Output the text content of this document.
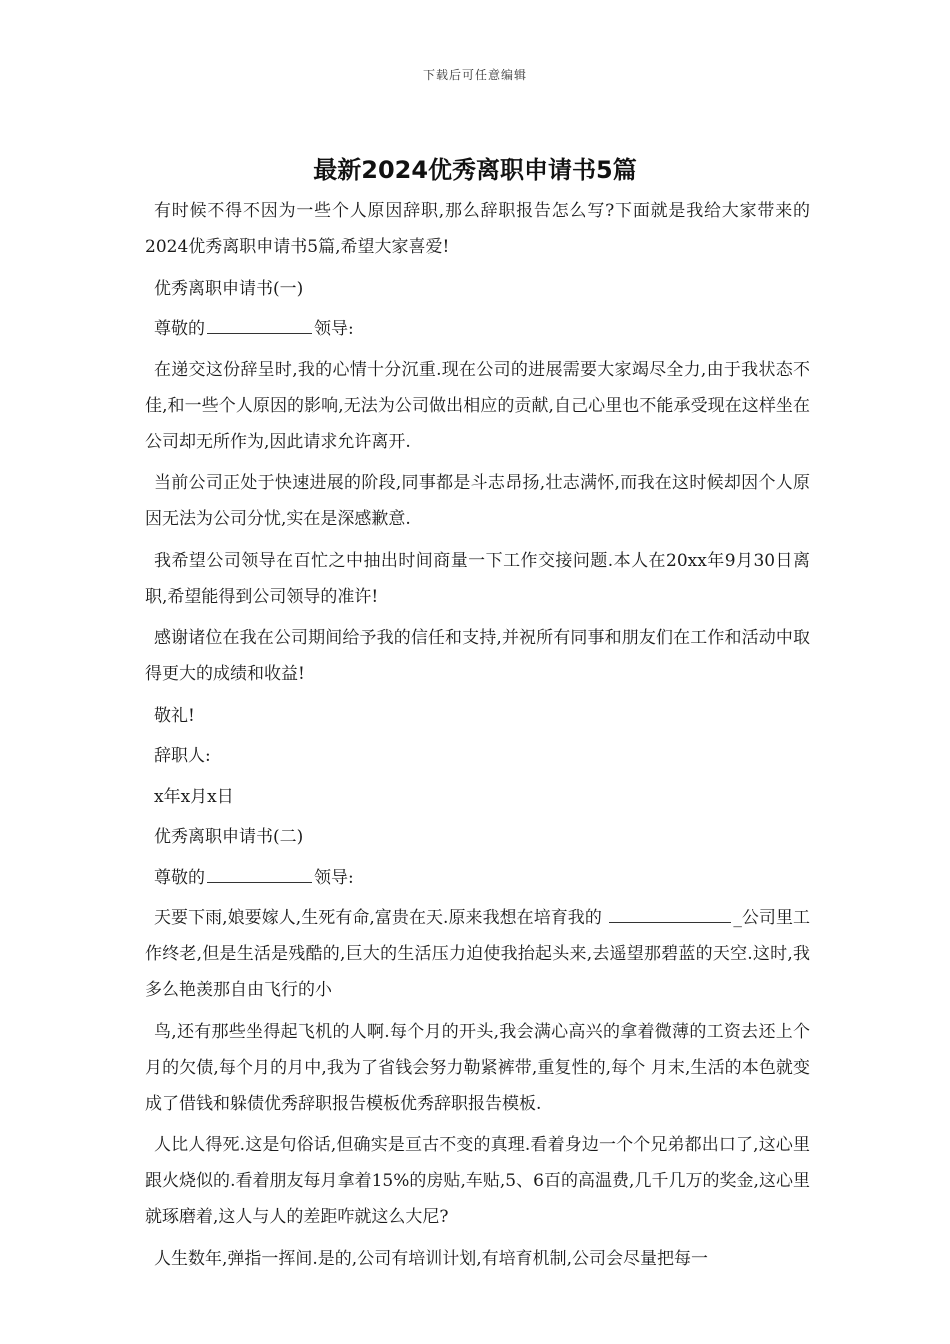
下载后可任意编辑
最新2024优秀离职申请书5篇

有时候不得不因为一些个人原因辞职,那么辞职报告怎么写?下面就是我给大家带来的2024优秀离职申请书5篇,希望大家喜爱!

优秀离职申请书(一)

尊敬的	领导:

在递交这份辞呈时,我的心情十分沉重.现在公司的进展需要大家竭尽全力,由于我状态不佳,和一些个人原因的影响,无法为公司做出相应的贡献,自己心里也不能承受现在这样坐在公司却无所作为,因此请求允许离开.

当前公司正处于快速进展的阶段,同事都是斗志昂扬,壮志满怀,而我在这时候却因个人原因无法为公司分忧,实在是深感歉意.

我希望公司领导在百忙之中抽出时间商量一下工作交接问题.本人在20xx年9月30日离职,希望能得到公司领导的准许!

感谢诸位在我在公司期间给予我的信任和支持,并祝所有同事和朋友们在工作和活动中取得更大的成绩和收益!

敬礼!

辞职人:

x年x月x日

优秀离职申请书(二)

尊敬的	领导:

天要下雨,娘要嫁人,生死有命,富贵在天.原来我想在培育我的	_公司里工作终老,但是生活是残酷的,巨大的生活压力迫使我抬起头来,去遥望那碧蓝的天空.这时,我多么艳羡那自由飞行的小

鸟,还有那些坐得起飞机的人啊.每个月的开头,我会满心高兴的拿着微薄的工资去还上个月的欠债,每个月的月中,我为了省钱会努力勒紧裤带,重复性的,每个 月末,生活的本色就变成了借钱和躲债优秀辞职报告模板优秀辞职报告模板.

人比人得死.这是句俗话,但确实是亘古不变的真理.看着身边一个个兄弟都出口了,这心里跟火烧似的.看着朋友每月拿着15%的房贴,车贴,5、6百的高温费,几千几万的奖金,这心里就琢磨着,这人与人的差距咋就这么大尼?

人生数年,弹指一挥间.是的,公司有培训计划,有培育机制,公司会尽量把每一
